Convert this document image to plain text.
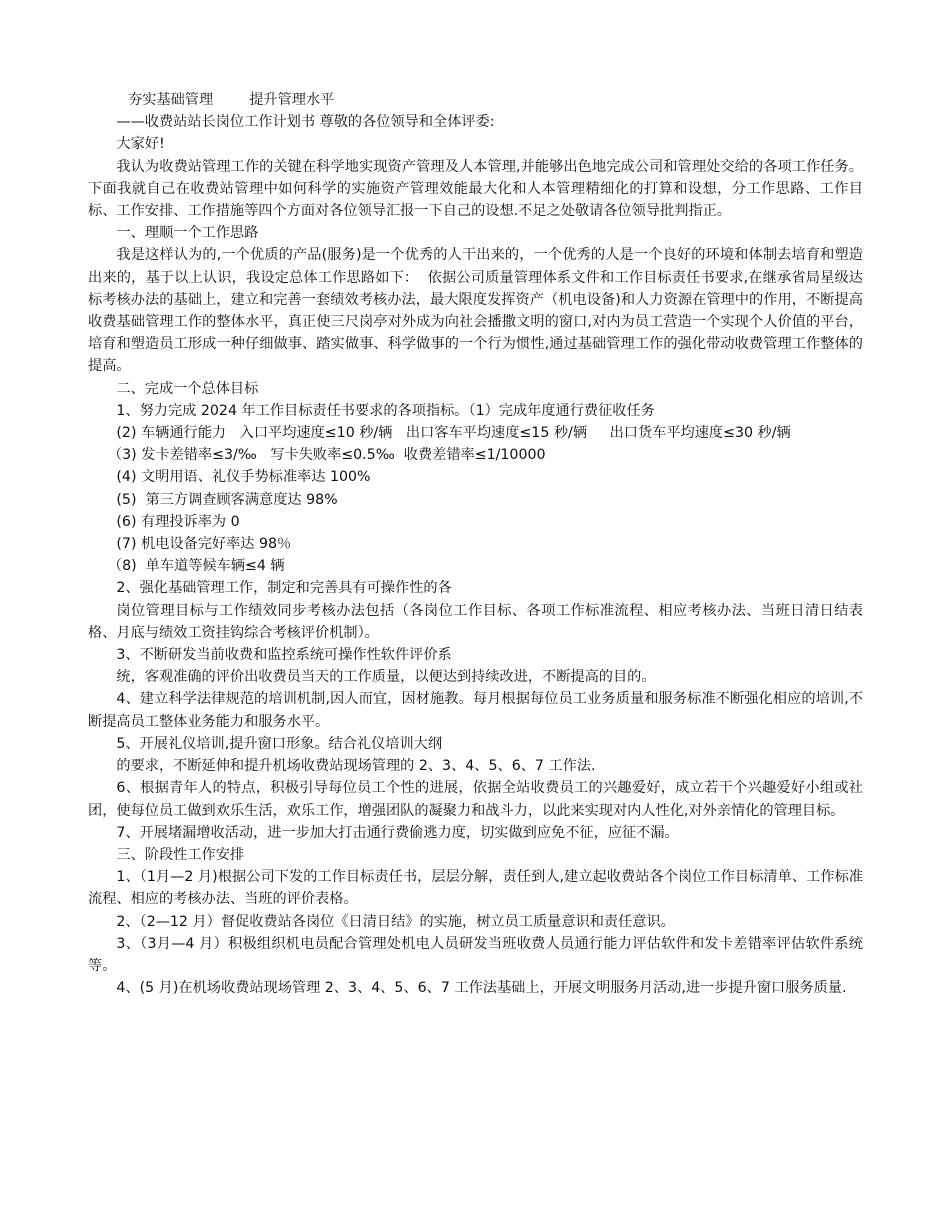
夯实基础管理        提升管理水平

——收费站站长岗位工作计划书 尊敬的各位领导和全体评委:

大家好!

我认为收费站管理工作的关键在科学地实现资产管理及人本管理,并能够出色地完成公司和管理处交给的各项工作任务。下面我就自己在收费站管理中如何科学的实施资产管理效能最大化和人本管理精细化的打算和设想，分工作思路、工作目标、工作安排、工作措施等四个方面对各位领导汇报一下自己的设想.不足之处敬请各位领导批判指正。

一、理顺一个工作思路

我是这样认为的,一个优质的产品(服务)是一个优秀的人干出来的，一个优秀的人是一个良好的环境和体制去培育和塑造出来的，基于以上认识，我设定总体工作思路如下：  依据公司质量管理体系文件和工作目标责任书要求,在继承省局星级达标考核办法的基础上，建立和完善一套绩效考核办法，最大限度发挥资产（机电设备)和人力资源在管理中的作用，不断提高收费基础管理工作的整体水平，真正使三尺岗亭对外成为向社会播撒文明的窗口,对内为员工营造一个实现个人价值的平台，培育和塑造员工形成一种仔细做事、踏实做事、科学做事的一个行为惯性,通过基础管理工作的强化带动收费管理工作整体的提高。

二、完成一个总体目标

1、努力完成 2024 年工作目标责任书要求的各项指标。（1）完成年度通行费征收任务

(2) 车辆通行能力   入口平均速度≤10 秒/辆   出口客车平均速度≤15 秒/辆     出口货车平均速度≤30 秒/辆

（3) 发卡差错率≤3/‰   写卡失败率≤0.5‰  收费差错率≤1/10000

(4) 文明用语、礼仪手势标准率达 100%

(5)  第三方调查顾客满意度达 98%

(6) 有理投诉率为 0

(7) 机电设备完好率达 98％

（8)  单车道等候车辆≤4 辆

2、强化基础管理工作，制定和完善具有可操作性的各

岗位管理目标与工作绩效同步考核办法包括（各岗位工作目标、各项工作标准流程、相应考核办法、当班日清日结表格、月底与绩效工资挂钩综合考核评价机制）。

3、不断研发当前收费和监控系统可操作性软件评价系

统，客观准确的评价出收费员当天的工作质量，以便达到持续改进，不断提高的目的。

4、建立科学法律规范的培训机制,因人而宜，因材施教。每月根据每位员工业务质量和服务标准不断强化相应的培训,不断提高员工整体业务能力和服务水平。

5、开展礼仪培训,提升窗口形象。结合礼仪培训大纲

的要求，不断延伸和提升机场收费站现场管理的 2、3、4、5、6、7 工作法.

6、根据青年人的特点，积极引导每位员工个性的进展，依据全站收费员工的兴趣爱好，成立若干个兴趣爱好小组或社团，使每位员工做到欢乐生活，欢乐工作，增强团队的凝聚力和战斗力，以此来实现对内人性化,对外亲情化的管理目标。

7、开展堵漏增收活动，进一步加大打击通行费偷逃力度，切实做到应免不征，应征不漏。

三、阶段性工作安排

1、（1月—2 月)根据公司下发的工作目标责任书，层层分解，责任到人,建立起收费站各个岗位工作目标清单、工作标准流程、相应的考核办法、当班的评价表格。

2、（2—12 月）督促收费站各岗位《日清日结》的实施，树立员工质量意识和责任意识。

3、（3月—4 月）积极组织机电员配合管理处机电人员研发当班收费人员通行能力评估软件和发卡差错率评估软件系统等。

4、(5 月)在机场收费站现场管理 2、3、4、5、6、7 工作法基础上，开展文明服务月活动,进一步提升窗口服务质量.
